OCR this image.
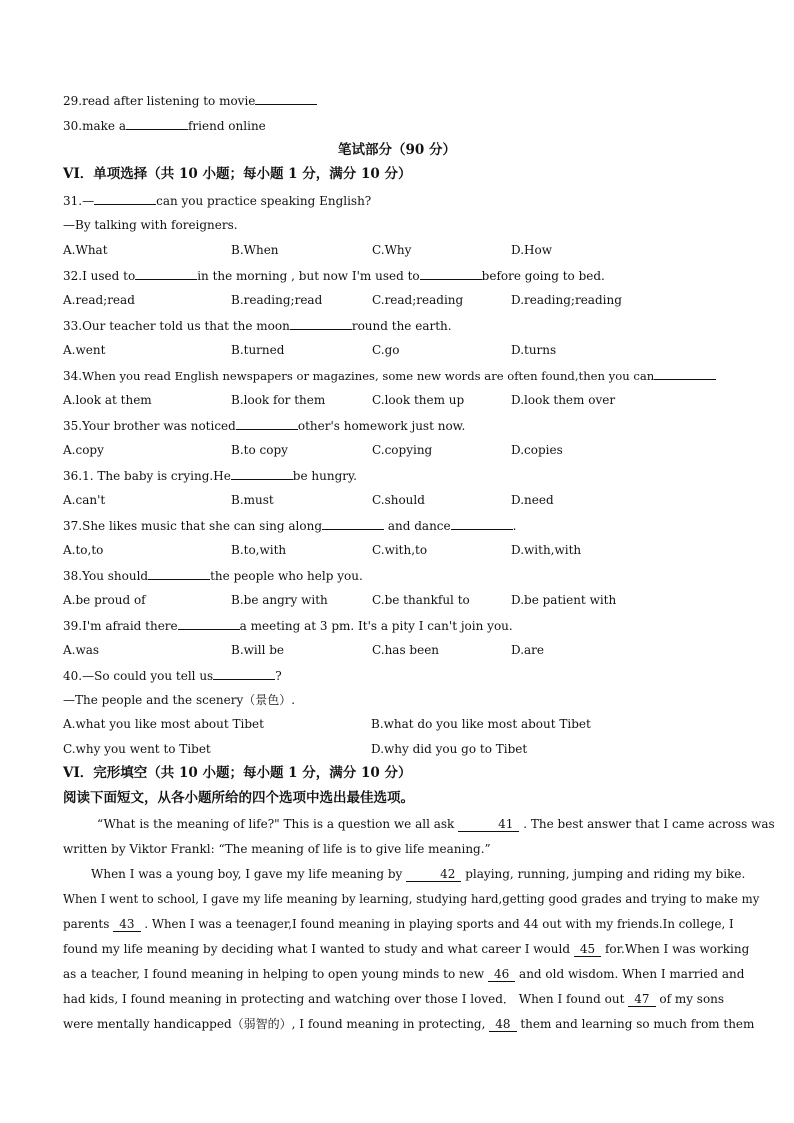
29.read after listening to movie
30.make a	friend online
笔试部分（90 分）
VI．单项选择（共 10 小题；每小题 1 分，满分 10 分）
31.—	can you practice speaking English?
—By talking with foreigners.
A.What	B.When	C.Why	D.How
32.I used to	in the morning , but now I'm used to	before going to bed.
A.read;read	B.reading;read	C.read;reading	D.reading;reading
33.Our teacher told us that the moon	round the earth.
A.went	B.turned	C.go	D.turns
34.When you read English newspapers or magazines, some new words are often found,then you can
A.look at them	B.look for them	C.look them up	D.look them over
35.Your brother was noticed	other's homework just now.
A.copy	B.to copy	C.copying	D.copies
36.1. The baby is crying.He	be hungry.
A.can't	B.must	C.should	D.need
37.She likes music that she can sing along	and dance	.
A.to,to	B.to,with	C.with,to	D.with,with
38.You should	the people who help you.
A.be proud of	B.be angry with	C.be thankful to	D.be patient with
39.I'm afraid there	a meeting at 3 pm. It's a pity I can't join you.
A.was	B.will be	C.has been	D.are
40.—So could you tell us	?
—The people and the scenery（景色）.
A.what you like most about Tibet	B.what do you like most about Tibet
C.why you went to Tibet	D.why did you go to Tibet
VI．完形填空（共 10 小题；每小题 1 分，满分 10 分）
阅读下面短文，从各小题所给的四个选项中选出最佳选项。
“What is the meaning of life?" This is a question we all ask	41 . The best answer that I came across was
written by Viktor Frankl: “The meaning of life is to give life meaning.”
When I was a young boy, I gave my life meaning by	42 playing, running, jumping and riding my bike.
When I went to school, I gave my life meaning by learning, studying hard,getting good grades and trying to make my
parents 43 . When I was a teenager,I found meaning in playing sports and 44 out with my friends.In college, I
found my life meaning by deciding what I wanted to study and what career I would 45 for.When I was working
as a teacher, I found meaning in helping to open young minds to new 46 and old wisdom. When I married and
had kids, I found meaning in protecting and watching over those I loved． When I found out 47 of my sons
were mentally handicapped（弱智的）, I found meaning in protecting, 48 them and learning so much from them
